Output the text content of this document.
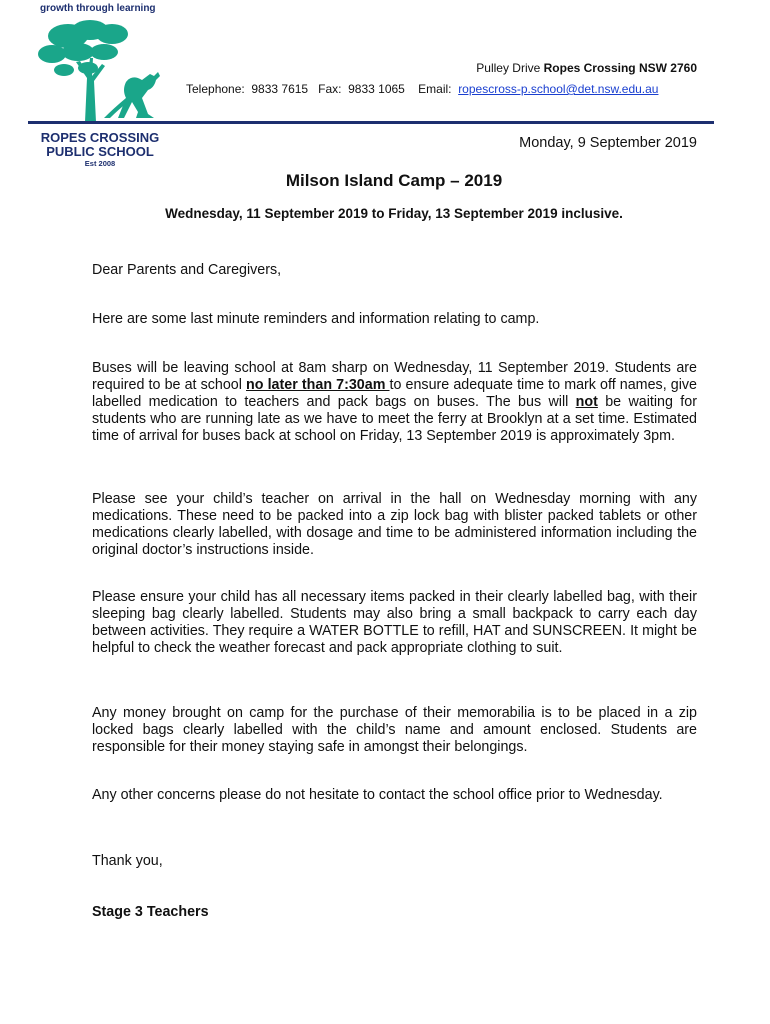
growth through learning
Pulley Drive Ropes Crossing NSW 2760
Telephone:  9833 7615   Fax:  9833 1065    Email:  ropescross-p.school@det.nsw.edu.au
ROPES CROSSING
PUBLIC SCHOOL
Est 2008
Monday, 9 September 2019
Milson Island Camp – 2019
Wednesday, 11 September 2019 to Friday, 13 September 2019 inclusive.
Dear Parents and Caregivers,
Here are some last minute reminders and information relating to camp.
Buses will be leaving school at 8am sharp on Wednesday, 11 September 2019. Students are required to be at school no later than 7:30am to ensure adequate time to mark off names, give labelled medication to teachers and pack bags on buses. The bus will not be waiting for students who are running late as we have to meet the ferry at Brooklyn at a set time. Estimated time of arrival for buses back at school on Friday, 13 September 2019 is approximately 3pm.
Please see your child’s teacher on arrival in the hall on Wednesday morning with any medications. These need to be packed into a zip lock bag with blister packed tablets or other medications clearly labelled, with dosage and time to be administered information including the original doctor’s instructions inside.
Please ensure your child has all necessary items packed in their clearly labelled bag, with their sleeping bag clearly labelled. Students may also bring a small backpack to carry each day between activities. They require a WATER BOTTLE to refill, HAT and SUNSCREEN. It might be helpful to check the weather forecast and pack appropriate clothing to suit.
Any money brought on camp for the purchase of their memorabilia is to be placed in a zip locked bags clearly labelled with the child’s name and amount enclosed. Students are responsible for their money staying safe in amongst their belongings.
Any other concerns please do not hesitate to contact the school office prior to Wednesday.
Thank you,
Stage 3 Teachers
